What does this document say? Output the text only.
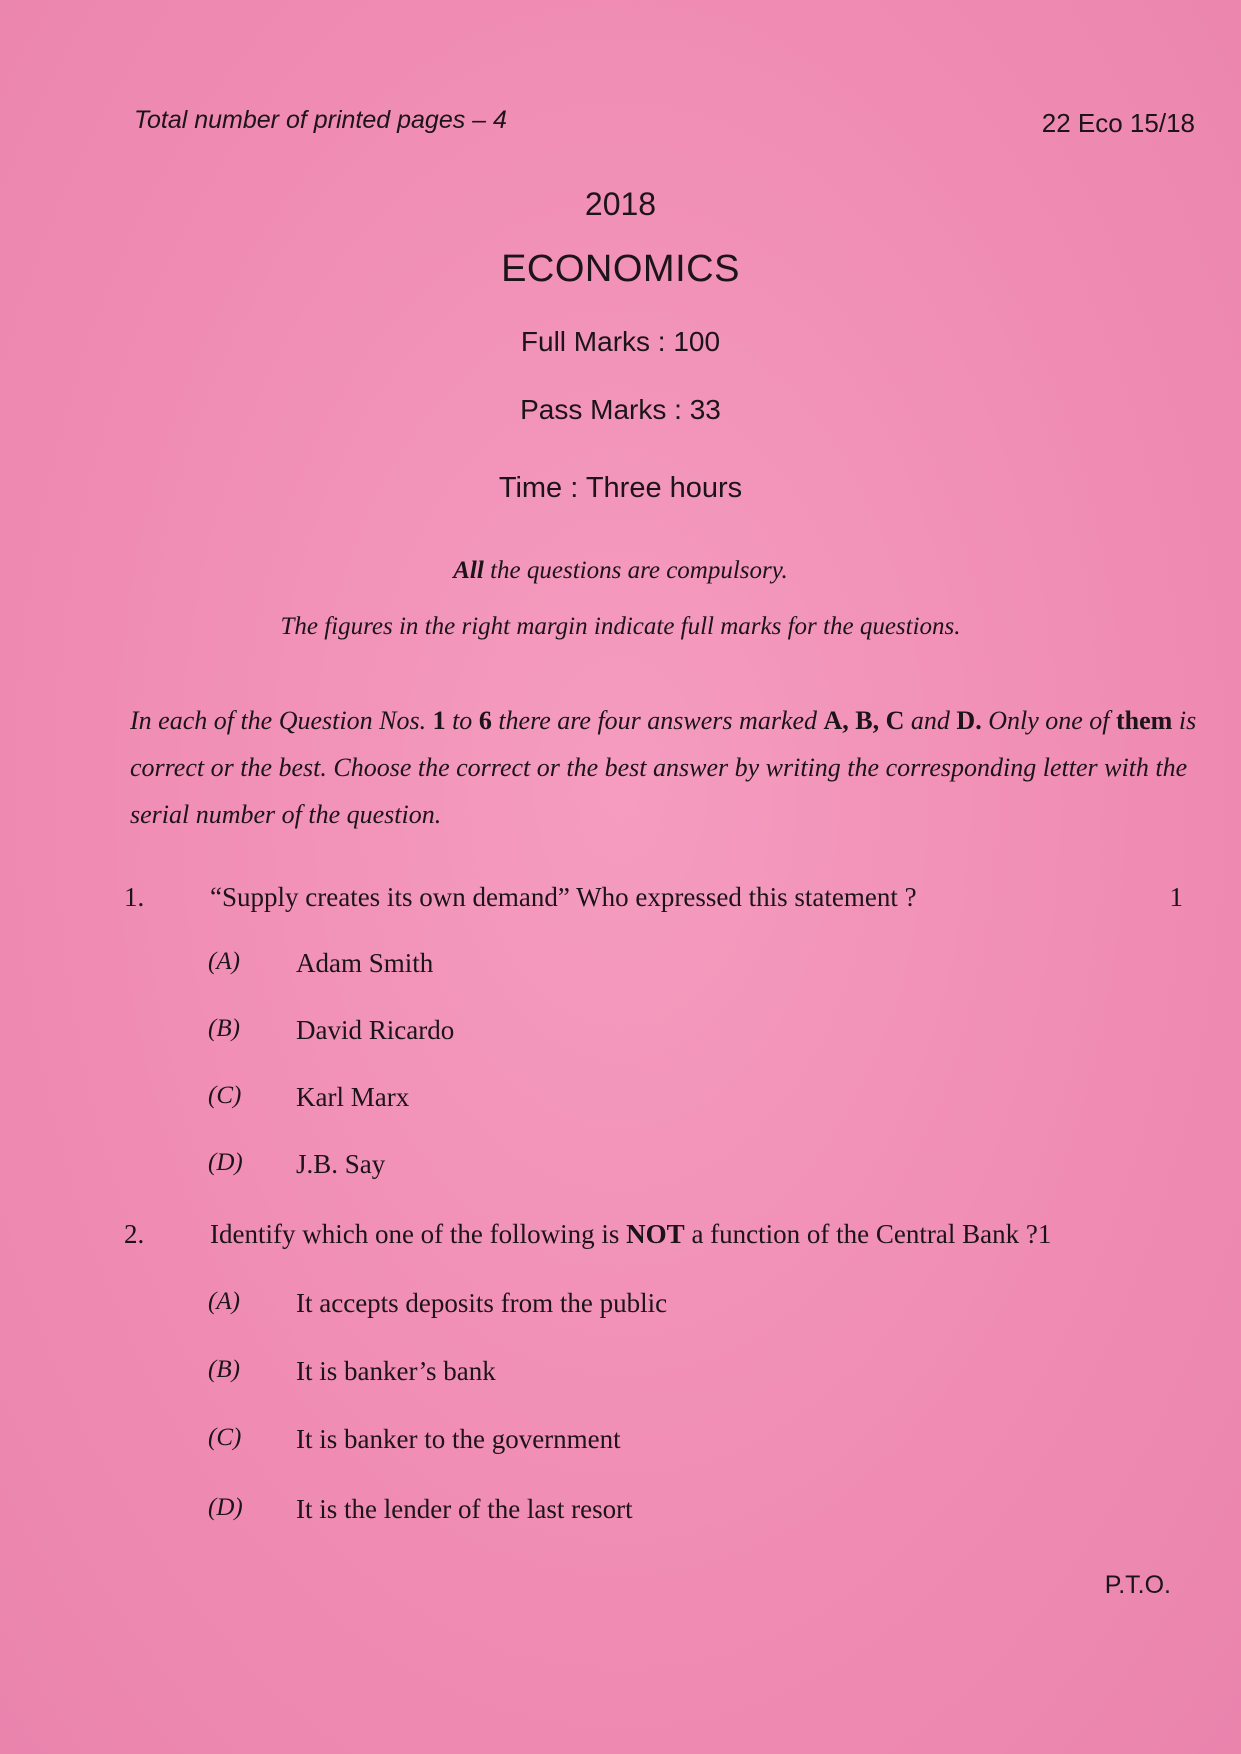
Total number of printed pages – 4	22 Eco 15/18
2018
ECONOMICS
Full Marks : 100
Pass Marks : 33
Time : Three hours
All the questions are compulsory.
The figures in the right margin indicate full marks for the questions.
In each of the Question Nos. 1 to 6 there are four answers marked A, B, C and D. Only one of them is correct or the best. Choose the correct or the best answer by writing the corresponding letter with the serial number of the question.
1. “Supply creates its own demand” Who expressed this statement ?	1
(A) Adam Smith
(B) David Ricardo
(C) Karl Marx
(D) J.B. Say
2. Identify which one of the following is NOT a function of the Central Bank ?1
(A) It accepts deposits from the public
(B) It is banker’s bank
(C) It is banker to the government
(D) It is the lender of the last resort
P.T.O.
